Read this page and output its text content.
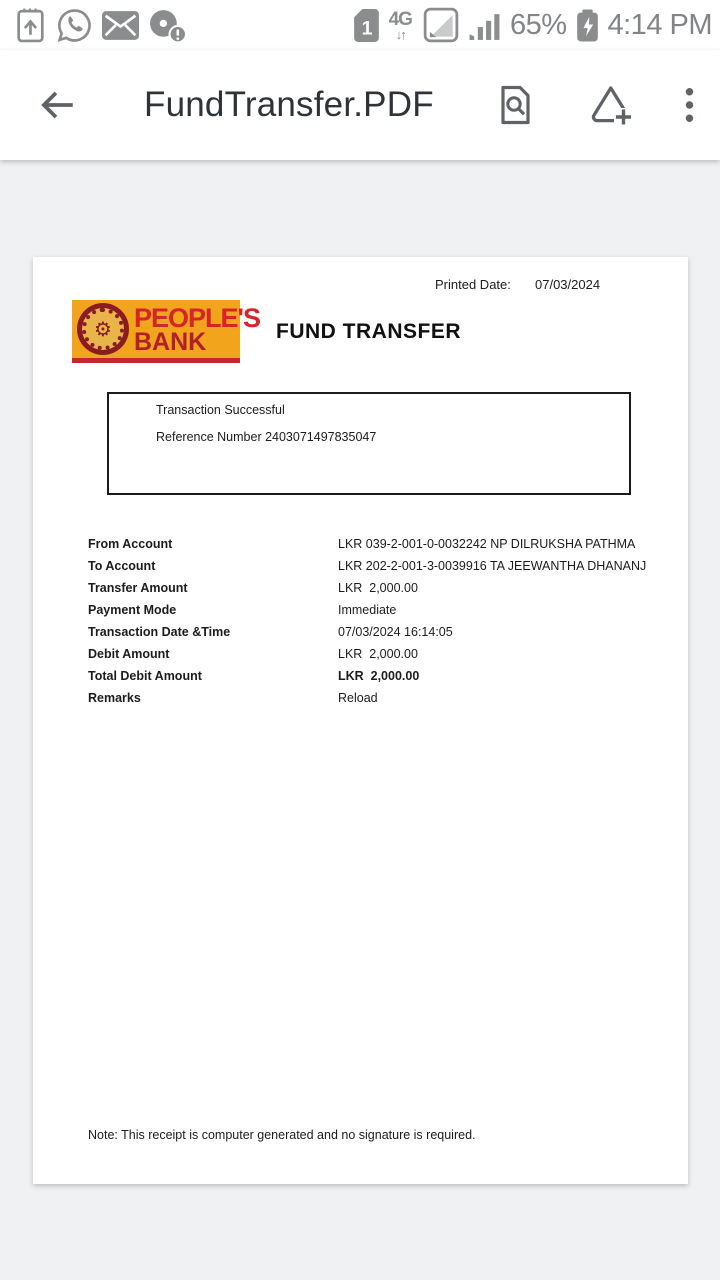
1 4G
↓↑	65% 4:14 PM
FundTransfer.PDF
Printed Date: 07/03/2024
⚙ PEOPLE'S
BANK	FUND TRANSFER
Transaction Successful
Reference Number 2403071497835047
From Account	LKR 039-2-001-0-0032242 NP DILRUKSHA PATHMA
To Account	LKR 202-2-001-3-0039916 TA JEEWANTHA DHANANJ
Transfer Amount	LKR  2,000.00
Payment Mode	Immediate
Transaction Date &Time	07/03/2024 16:14:05
Debit Amount	LKR  2,000.00
Total Debit Amount	LKR  2,000.00
Remarks	Reload
Note: This receipt is computer generated and no signature is required.
